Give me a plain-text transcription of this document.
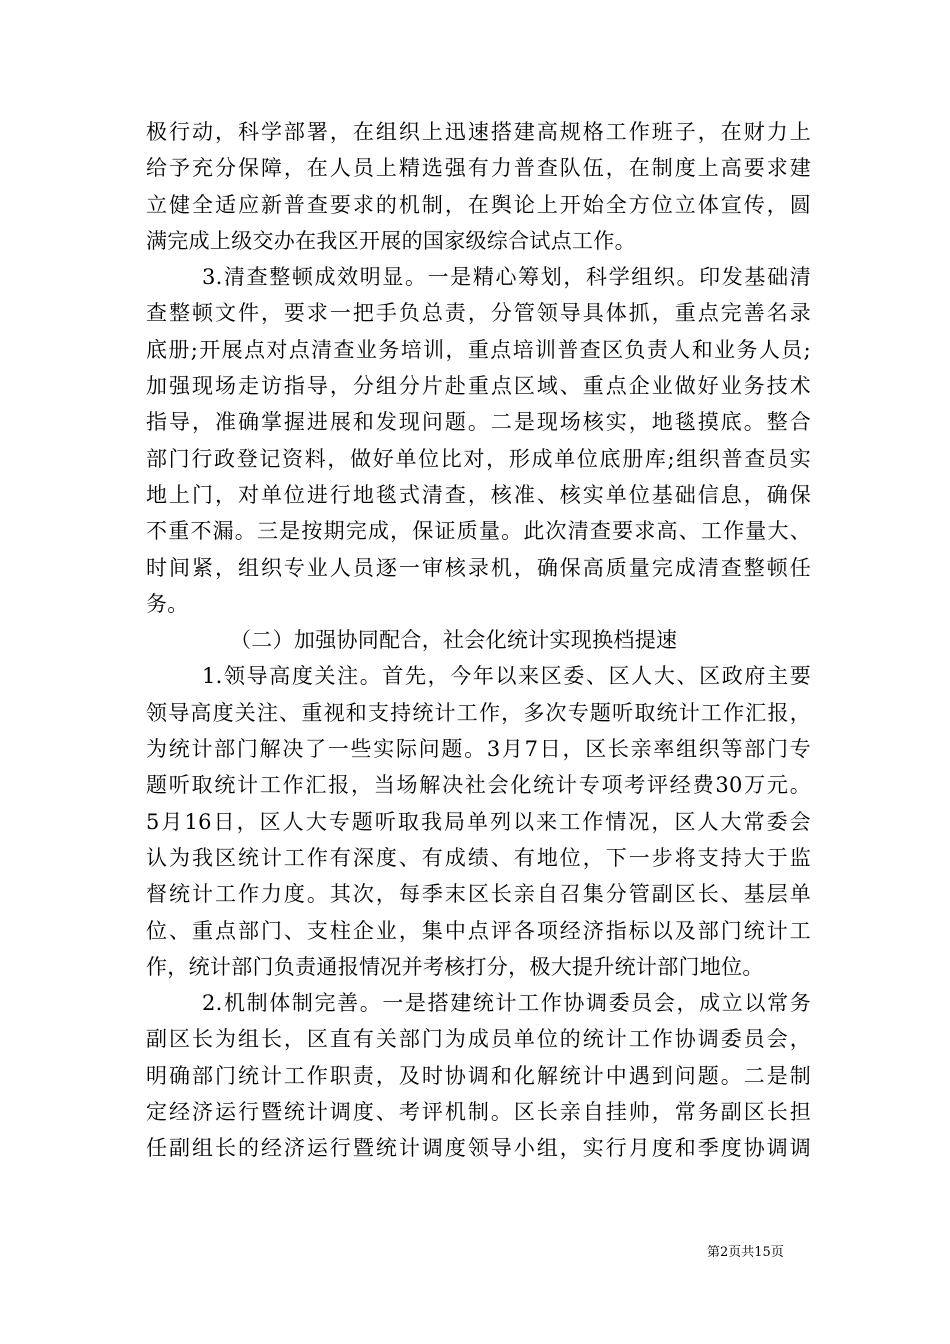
极行动，科学部署，在组织上迅速搭建高规格工作班子，在财力上
给予充分保障，在人员上精选强有力普查队伍，在制度上高要求建
立健全适应新普查要求的机制，在舆论上开始全方位立体宣传，圆
满完成上级交办在我区开展的国家级综合试点工作。
3.清查整顿成效明显。一是精心筹划，科学组织。印发基础清
查整顿文件，要求一把手负总责，分管领导具体抓，重点完善名录
底册;开展点对点清查业务培训，重点培训普查区负责人和业务人员;
加强现场走访指导，分组分片赴重点区域、重点企业做好业务技术
指导，准确掌握进展和发现问题。二是现场核实，地毯摸底。整合
部门行政登记资料，做好单位比对，形成单位底册库;组织普查员实
地上门，对单位进行地毯式清查，核准、核实单位基础信息，确保
不重不漏。三是按期完成，保证质量。此次清查要求高、工作量大、
时间紧，组织专业人员逐一审核录机，确保高质量完成清查整顿任
务。
（二）加强协同配合，社会化统计实现换档提速
1.领导高度关注。首先，今年以来区委、区人大、区政府主要
领导高度关注、重视和支持统计工作，多次专题听取统计工作汇报，
为统计部门解决了一些实际问题。3月7日，区长亲率组织等部门专
题听取统计工作汇报，当场解决社会化统计专项考评经费30万元。
5月16日，区人大专题听取我局单列以来工作情况，区人大常委会
认为我区统计工作有深度、有成绩、有地位，下一步将支持大于监
督统计工作力度。其次，每季末区长亲自召集分管副区长、基层单
位、重点部门、支柱企业，集中点评各项经济指标以及部门统计工
作，统计部门负责通报情况并考核打分，极大提升统计部门地位。
2.机制体制完善。一是搭建统计工作协调委员会，成立以常务
副区长为组长，区直有关部门为成员单位的统计工作协调委员会，
明确部门统计工作职责，及时协调和化解统计中遇到问题。二是制
定经济运行暨统计调度、考评机制。区长亲自挂帅，常务副区长担
任副组长的经济运行暨统计调度领导小组，实行月度和季度协调调
第2页共15页
